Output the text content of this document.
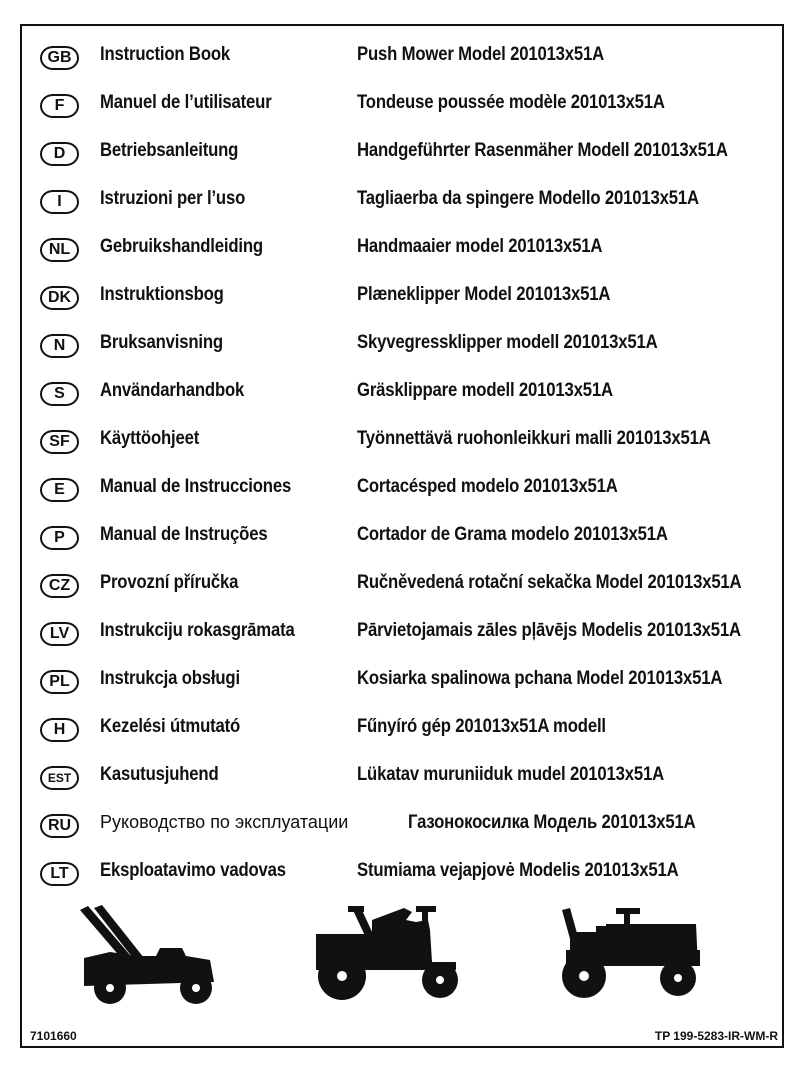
GB	Instruction Book	Push Mower Model 201013x51A
F	Manuel de l’utilisateur	Tondeuse poussée modèle 201013x51A
D	Betriebsanleitung	Handgeführter Rasenmäher Modell 201013x51A
I	Istruzioni per l’uso	Tagliaerba da spingere Modello 201013x51A
NL	Gebruikshandleiding	Handmaaier model 201013x51A
DK	Instruktionsbog	Plæneklipper Model 201013x51A
N	Bruksanvisning	Skyvegressklipper modell 201013x51A
S	Användarhandbok	Gräsklippare modell 201013x51A
SF	Käyttöohjeet	Työnnettävä ruohonleikkuri malli 201013x51A
E	Manual de Instrucciones	Cortacésped modelo 201013x51A
P	Manual de Instruções	Cortador de Grama modelo 201013x51A
CZ	Provozní příručka	Ručněvedená rotační sekačka Model 201013x51A
LV	Instrukciju rokasgrāmata	Pārvietojamais zāles pļāvējs Modelis 201013x51A
PL	Instrukcja obsługi	Kosiarka spalinowa pchana Model 201013x51A
H	Kezelési útmutató	Fűnyíró gép 201013x51A modell
EST	Kasutusjuhend	Lükatav muruniiduk mudel 201013x51A
RU	Руководство по эксплуатации	Газонокосилка Модель 201013x51A
LT	Eksploatavimo vadovas	Stumiama vejapjovė Modelis 201013x51A
7101660	TP 199-5283-IR-WM-R
